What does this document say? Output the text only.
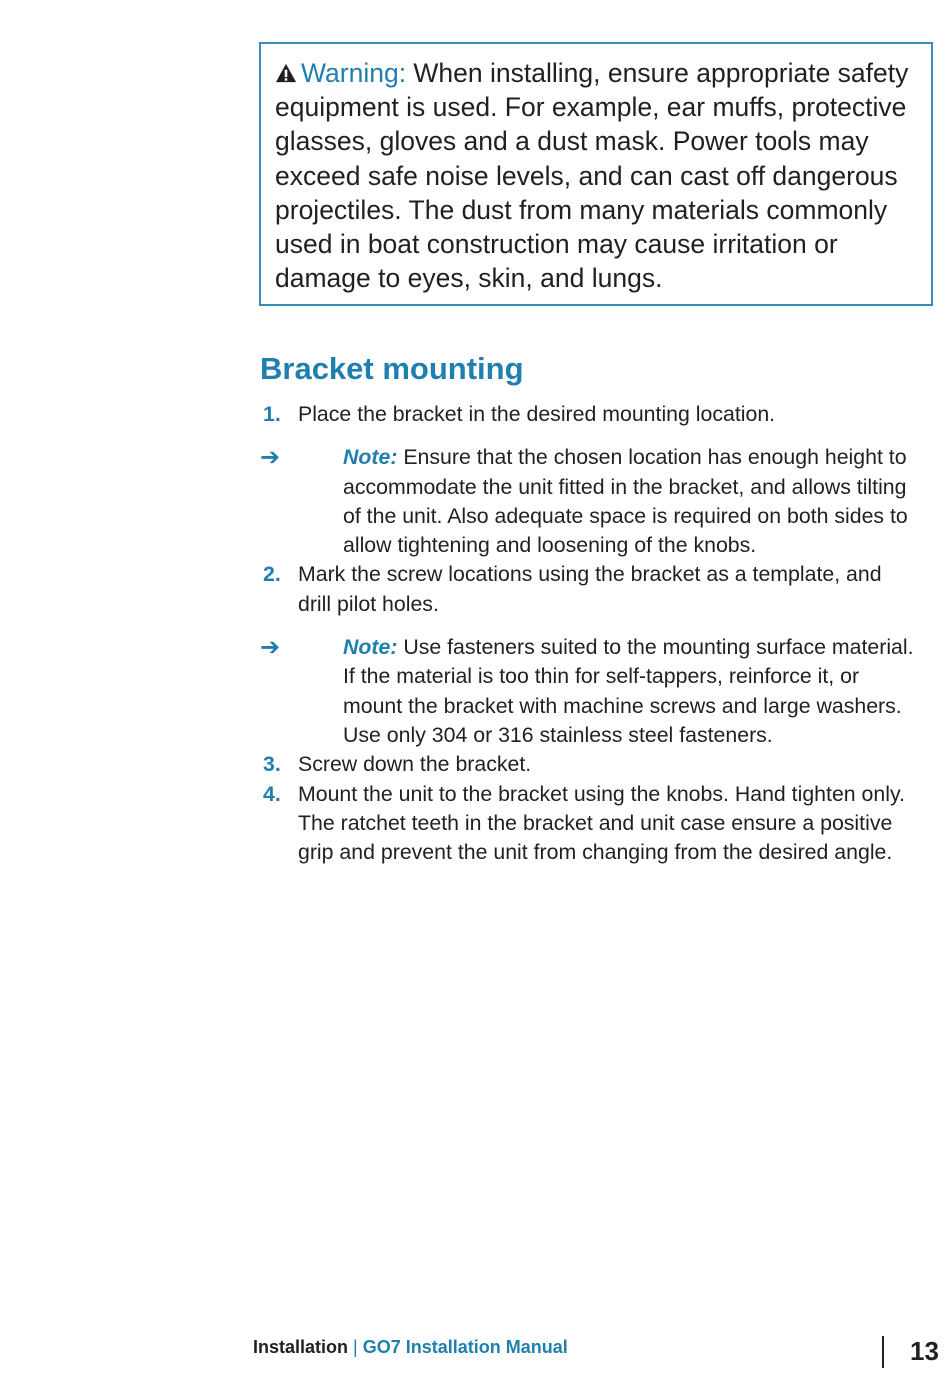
Warning: When installing, ensure appropriate safety equipment is used. For example, ear muffs, protective glasses, gloves and a dust mask. Power tools may exceed safe noise levels, and can cast off dangerous projectiles. The dust from many materials commonly used in boat construction may cause irritation or damage to eyes, skin, and lungs.
Bracket mounting
1. Place the bracket in the desired mounting location.
➔	Note: Ensure that the chosen location has enough height to accommodate the unit fitted in the bracket, and allows tilting of the unit. Also adequate space is required on both sides to allow tightening and loosening of the knobs.
2. Mark the screw locations using the bracket as a template, and drill pilot holes.
➔	Note: Use fasteners suited to the mounting surface material. If the material is too thin for self-tappers, reinforce it, or mount the bracket with machine screws and large washers. Use only 304 or 316 stainless steel fasteners.
3. Screw down the bracket.
4. Mount the unit to the bracket using the knobs. Hand tighten only. The ratchet teeth in the bracket and unit case ensure a positive grip and prevent the unit from changing from the desired angle.
Installation | GO7 Installation Manual	13
